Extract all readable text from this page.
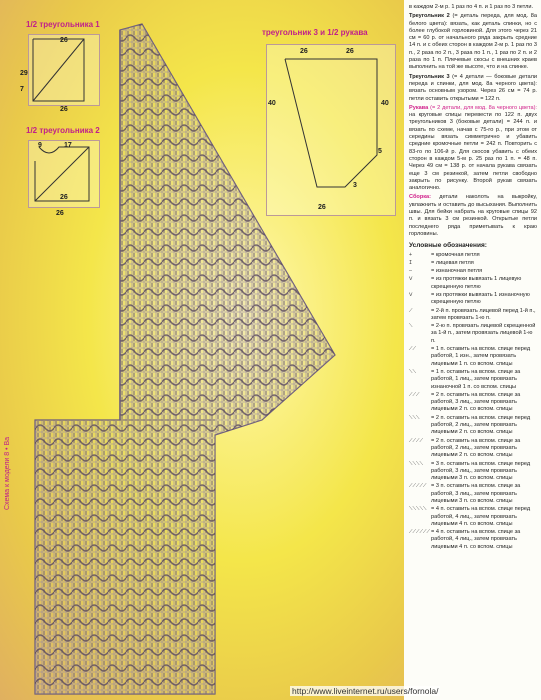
1/2 треугольника 1
26
29
7
26
1/2 треугольника 2
9	17
26
26
треугольник 3 и 1/2 рукава
26	26
40	40
5
3
26
Схема к модели 8 • Ва

в каждом 2-м р. 1 раз по 4 п. и 1 раз по 3 петли.

Треугольник 2 (= деталь переда, для мод. 8а белого цвета): вязать, как деталь спинки, но с более глубокой горловиной. Для этого через 21 см = 60 р. от начального ряда закрыть средние 14 п. и с обеих сторон в каждом 2-м р. 1 раз по 3 п., 2 раза по 2 п., 3 раза по 1 п., 1 раз по 2 п. и 2 раза по 1 п. Плечевые скосы с внешних краев выполнить на той же высоте, что и на спинке.

Треугольник 3 (= 4 детали — боковые детали переда и спинки, для мод. 8а черного цвета): вязать основным узором. Через 26 см = 74 р. петли оставить открытыми = 122 п.

Рукава (= 2 детали, для мод. 8а черного цвета): на круговые спицы перевести по 122 п. двух треугольников 3 (боковые детали) = 244 п. и вязать по схеме, начав с 75-го р., при этом от середины вязать симметрично и убавить средние кромочные петли = 242 п. Повторить с 83-го по 106-й р. Для скосов убавить с обеих сторон в каждом 5-м р. 25 раз по 1 п. = 48 п. Через 49 см = 138 р. от начала рукава связать еще 3 см резинкой, затем петли свободно закрыть по рисунку. Второй рукав связать аналогично.

Сборка: детали наколоть на выкройку, увлажнить и оставить до высыхания. Выполнить швы. Для бейки набрать на круговые спицы 92 п. и вязать 3 см резинкой. Открытые петли последнего ряда приметывать к краю горловины.

Условные обозначения:
+	= кромочная петля
I	= лицевая петля
—	= изнаночная петля
Ⅴ	= из протяжки вывязать 1 лицевую скрещенную петлю
Ⅴ	= из протяжки вывязать 1 изнаночную скрещенную петлю
⟋	= 2-й п. провязать лицевой перед 1-й п., затем провязать 1-ю п.
⟍	= 2-ю п. провязать лицевой скрещенной за 1-й п., затем провязать лицевой 1-ю п.
⟋⟋	= 1 п. оставить на вспом. спице перед работой, 1 изн., затем провязать лицевыми 1 п. со вспом. спицы
⟍⟍	= 1 п. оставить на вспом. спице за работой, 1 лиц., затем провязать изнаночной 1 п. со вспом. спицы
⟋⟋⟋	= 2 п. оставить на вспом. спице за работой, 3 лиц., затем провязать лицевыми 2 п. со вспом. спицы
⟍⟍⟍	= 2 п. оставить на вспом. спице перед работой, 2 лиц., затем провязать лицевыми 2 п. со вспом. спицы
⟋⟋⟋⟋	= 2 п. оставить на вспом. спице за работой, 2 лиц., затем провязать лицевыми 2 п. со вспом. спицы
⟍⟍⟍⟍	= 3 п. оставить на вспом. спице перед работой, 3 лиц., затем провязать лицевыми 3 п. со вспом. спицы
⟋⟋⟋⟋⟋ = 3 п. оставить на вспом. спице за работой, 3 лиц., затем провязать лицевыми 3 п. со вспом. спицы
⟍⟍⟍⟍⟍ = 4 п. оставить на вспом. спице перед работой, 4 лиц., затем провязать лицевыми 4 п. со вспом. спицы
⟋⟋⟋⟋⟋⟋ = 4 п. оставить на вспом. спице за работой, 4 лиц., затем провязать лицевыми 4 п. со вспом. спицы
http://www.liveinternet.ru/users/fornola/
